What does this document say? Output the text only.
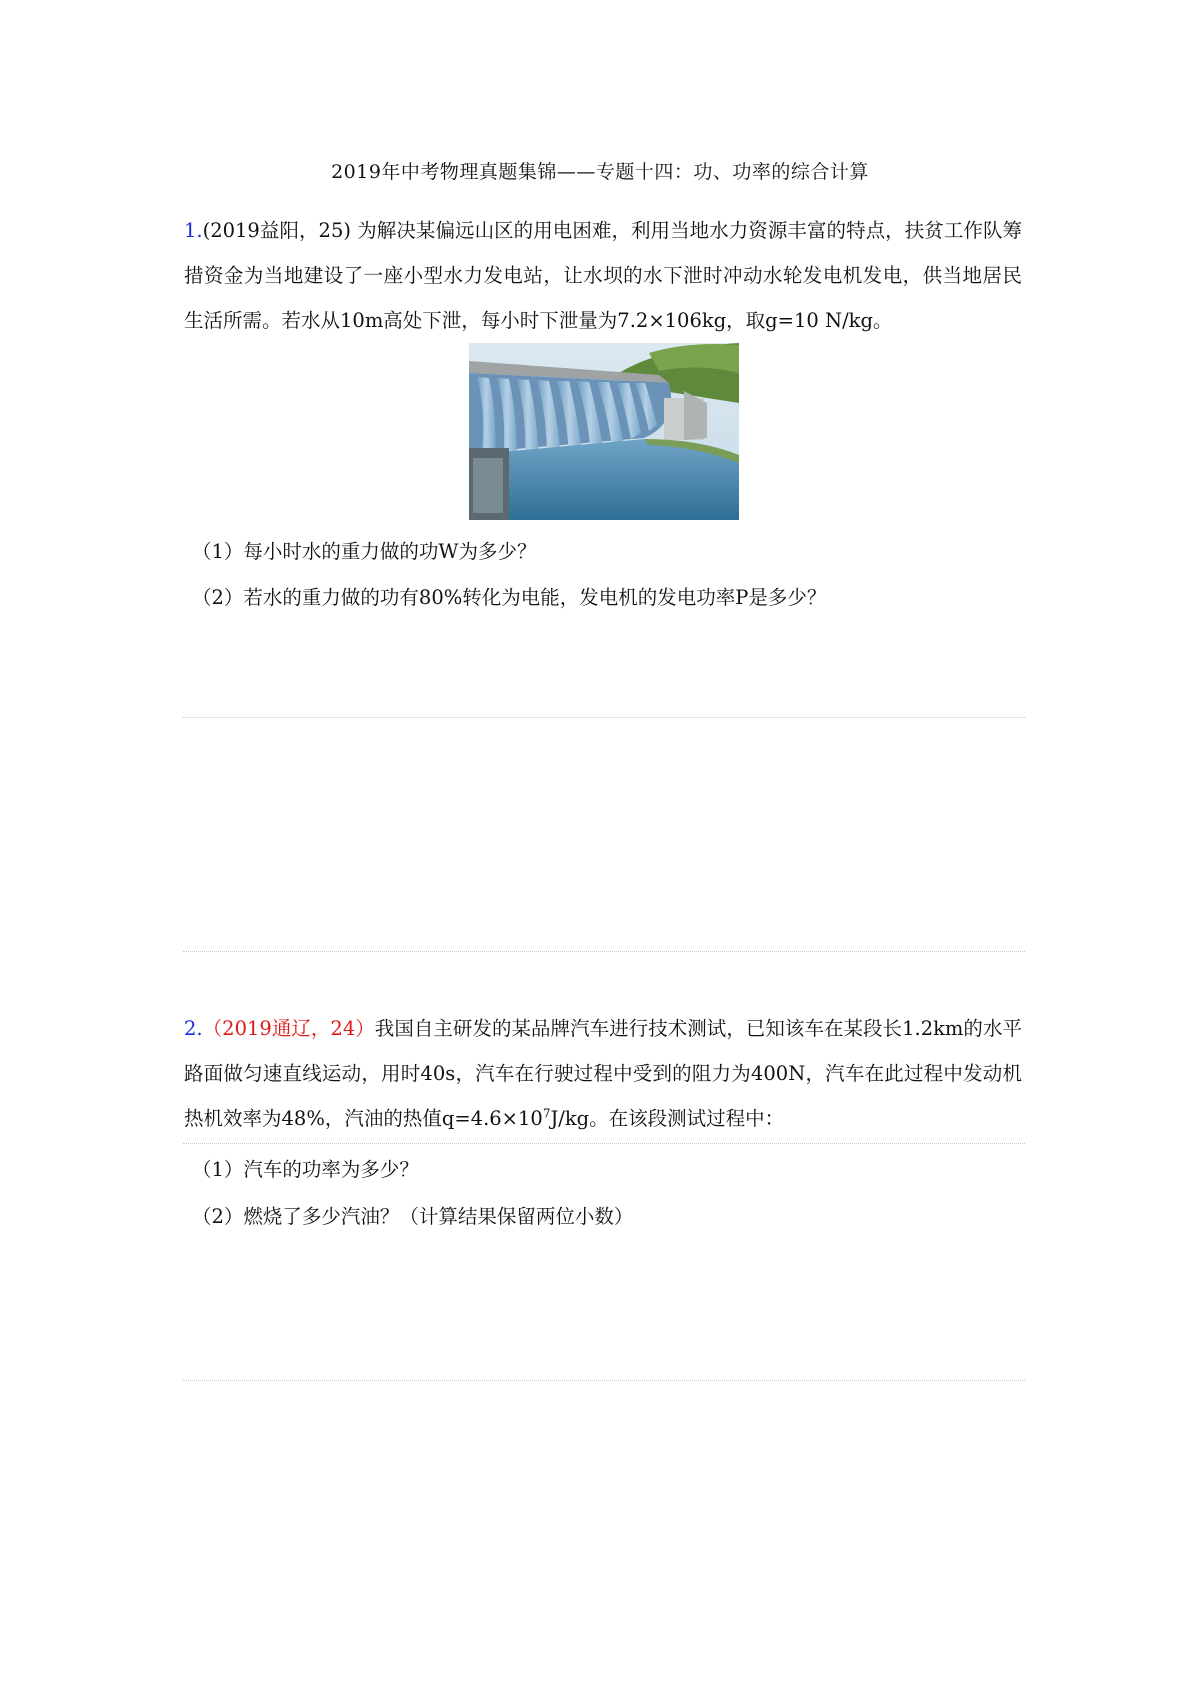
2019年中考物理真题集锦——专题十四：功、功率的综合计算
1.(2019益阳，25) 为解决某偏远山区的用电困难，利用当地水力资源丰富的特点，扶贫工作队筹措资金为当地建设了一座小型水力发电站，让水坝的水下泄时冲动水轮发电机发电，供当地居民生活所需。若水从10m高处下泄，每小时下泄量为7.2×106kg，取g=10 N/kg。
（1）每小时水的重力做的功W为多少？
（2）若水的重力做的功有80%转化为电能，发电机的发电功率P是多少？
2.（2019通辽，24）我国自主研发的某品牌汽车进行技术测试，已知该车在某段长1.2km的水平路面做匀速直线运动，用时40s，汽车在行驶过程中受到的阻力为400N，汽车在此过程中发动机热机效率为48%，汽油的热值$q=4.6\times 10^7J/kg$。在该段测试过程中：
（1）汽车的功率为多少？
（2）燃烧了多少汽油？（计算结果保留两位小数）
